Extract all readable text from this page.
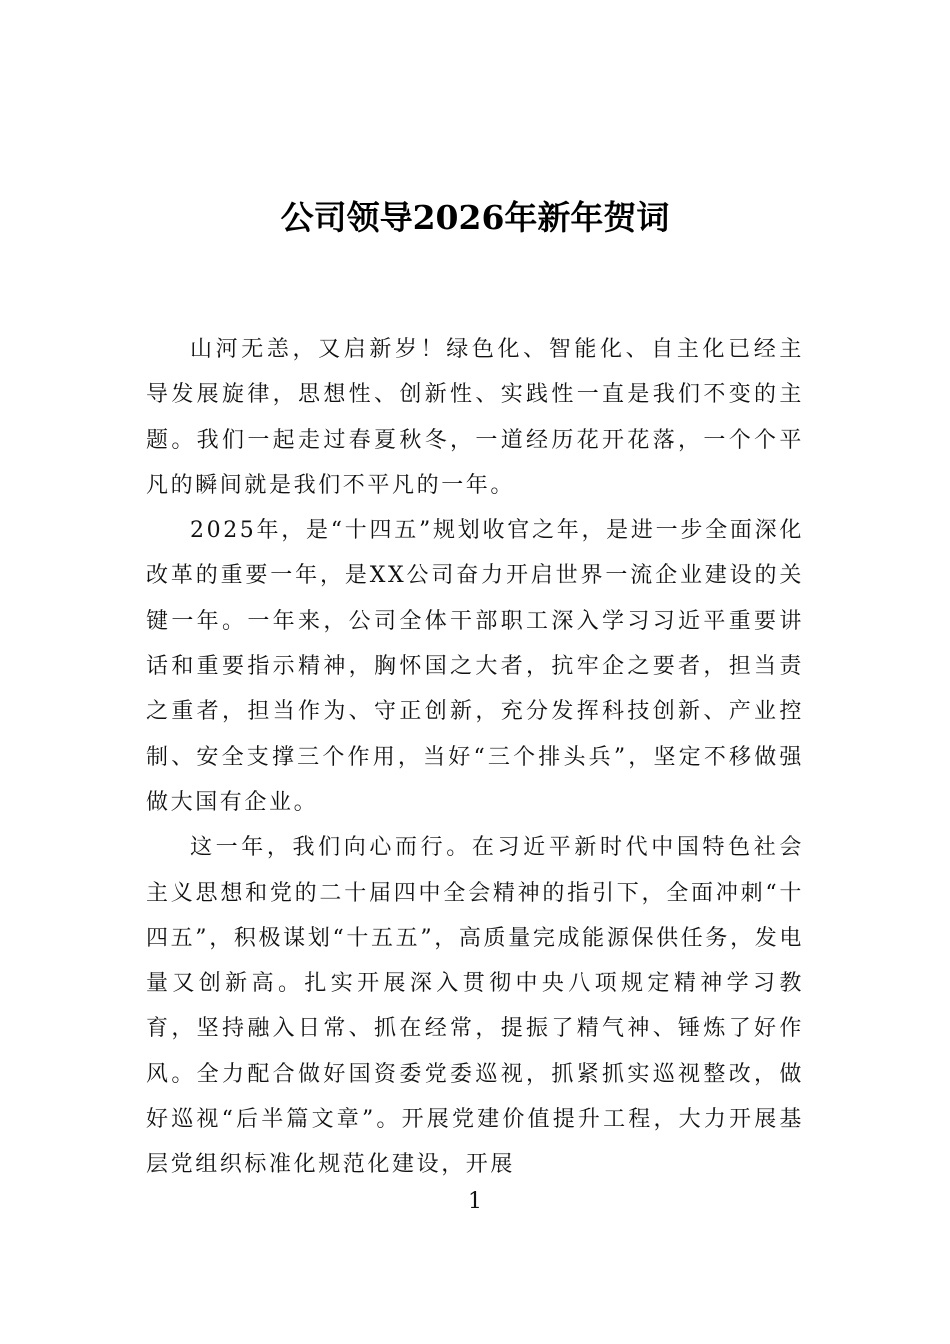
公司领导2026年新年贺词

山河无恙，又启新岁！绿色化、智能化、自主化已经主导发展旋律，思想性、创新性、实践性一直是我们不变的主题。我们一起走过春夏秋冬，一道经历花开花落，一个个平凡的瞬间就是我们不平凡的一年。

2025年，是“十四五”规划收官之年，是进一步全面深化改革的重要一年，是XX公司奋力开启世界一流企业建设的关键一年。一年来，公司全体干部职工深入学习习近平重要讲话和重要指示精神，胸怀国之大者，抗牢企之要者，担当责之重者，担当作为、守正创新，充分发挥科技创新、产业控制、安全支撑三个作用，当好“三个排头兵”，坚定不移做强做大国有企业。

这一年，我们向心而行。在习近平新时代中国特色社会主义思想和党的二十届四中全会精神的指引下，全面冲刺“十四五”，积极谋划“十五五”，高质量完成能源保供任务，发电量又创新高。扎实开展深入贯彻中央八项规定精神学习教育，坚持融入日常、抓在经常，提振了精气神、锤炼了好作风。全力配合做好国资委党委巡视，抓紧抓实巡视整改，做好巡视“后半篇文章”。开展党建价值提升工程，大力开展基层党组织标准化规范化建设，开展

1
